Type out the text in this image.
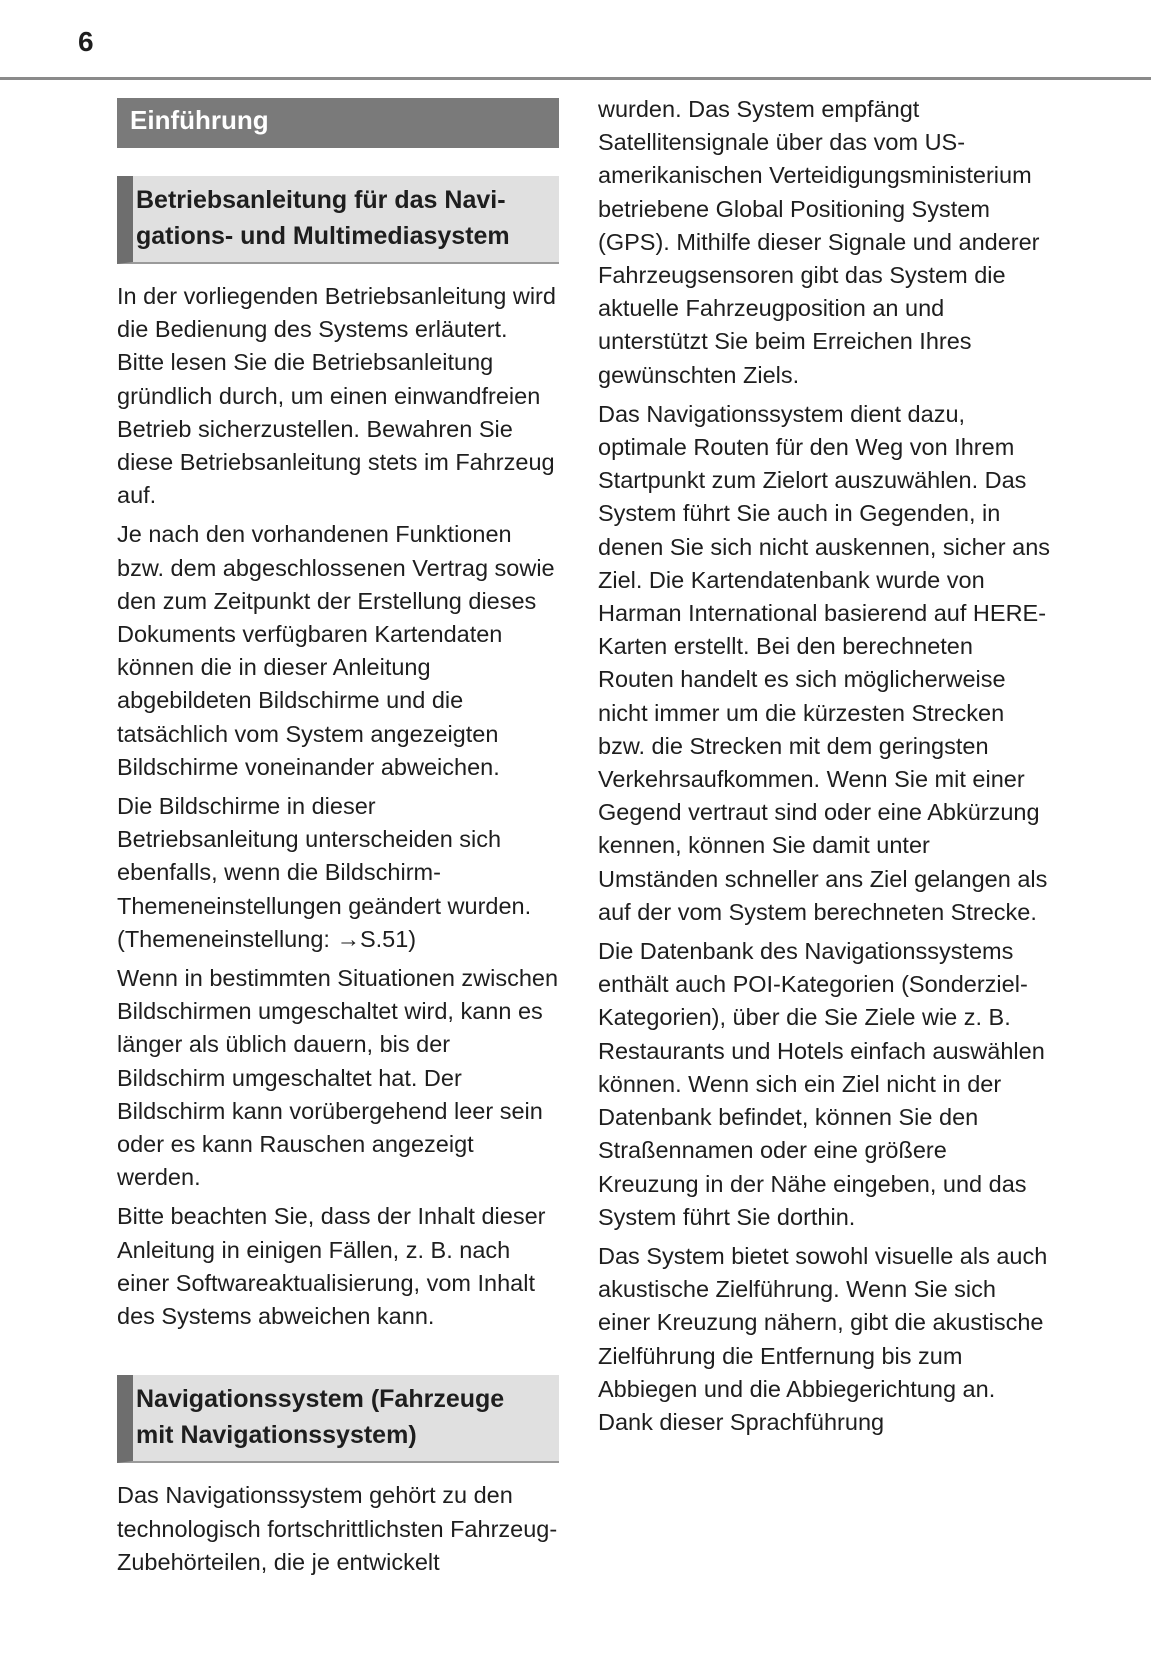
6
Einführung
Betriebsanleitung für das Navi-
gations- und Multimediasystem

In der vorliegenden Betriebsanleitung wird die Bedienung des Systems erläutert. Bitte lesen Sie die Betriebsanleitung gründlich durch, um einen einwandfreien Betrieb sicherzustellen. Bewahren Sie diese Betriebsanleitung stets im Fahrzeug auf.

Je nach den vorhandenen Funktionen bzw. dem abgeschlossenen Vertrag sowie den zum Zeitpunkt der Erstellung dieses Dokuments verfügbaren Kartendaten können die in dieser Anleitung abgebildeten Bildschirme und die tatsächlich vom System angezeigten Bildschirme voneinander abweichen.

Die Bildschirme in dieser Betriebsanleitung unterscheiden sich ebenfalls, wenn die Bildschirm-Themeneinstellungen geändert wurden. (Themeneinstellung: →S.51)

Wenn in bestimmten Situationen zwischen Bildschirmen umgeschaltet wird, kann es länger als üblich dauern, bis der Bildschirm umgeschaltet hat. Der Bildschirm kann vorübergehend leer sein oder es kann Rauschen angezeigt werden.

Bitte beachten Sie, dass der Inhalt dieser Anleitung in einigen Fällen, z. B. nach einer Softwareaktualisierung, vom Inhalt des Systems abweichen kann.

Navigationssystem (Fahrzeuge
mit Navigationssystem)

Das Navigationssystem gehört zu den technologisch fortschrittlichsten Fahrzeug-Zubehörteilen, die je entwickelt

wurden. Das System empfängt Satellitensignale über das vom US-amerikanischen Verteidigungsministerium betriebene Global Positioning System (GPS). Mithilfe dieser Signale und anderer Fahrzeugsensoren gibt das System die aktuelle Fahrzeugposition an und unterstützt Sie beim Erreichen Ihres gewünschten Ziels.

Das Navigationssystem dient dazu, optimale Routen für den Weg von Ihrem Startpunkt zum Zielort auszuwählen. Das System führt Sie auch in Gegenden, in denen Sie sich nicht auskennen, sicher ans Ziel. Die Kartendatenbank wurde von Harman International basierend auf HERE-Karten erstellt. Bei den berechneten Routen handelt es sich möglicherweise nicht immer um die kürzesten Strecken bzw. die Strecken mit dem geringsten Verkehrsaufkommen. Wenn Sie mit einer Gegend vertraut sind oder eine Abkürzung kennen, können Sie damit unter Umständen schneller ans Ziel gelangen als auf der vom System berechneten Strecke.

Die Datenbank des Navigationssystems enthält auch POI-Kategorien (Sonderziel-Kategorien), über die Sie Ziele wie z. B. Restaurants und Hotels einfach auswählen können. Wenn sich ein Ziel nicht in der Datenbank befindet, können Sie den Straßennamen oder eine größere Kreuzung in der Nähe eingeben, und das System führt Sie dorthin.

Das System bietet sowohl visuelle als auch akustische Zielführung. Wenn Sie sich einer Kreuzung nähern, gibt die akustische Zielführung die Entfernung bis zum Abbiegen und die Abbiegerichtung an. Dank dieser Sprachführung
